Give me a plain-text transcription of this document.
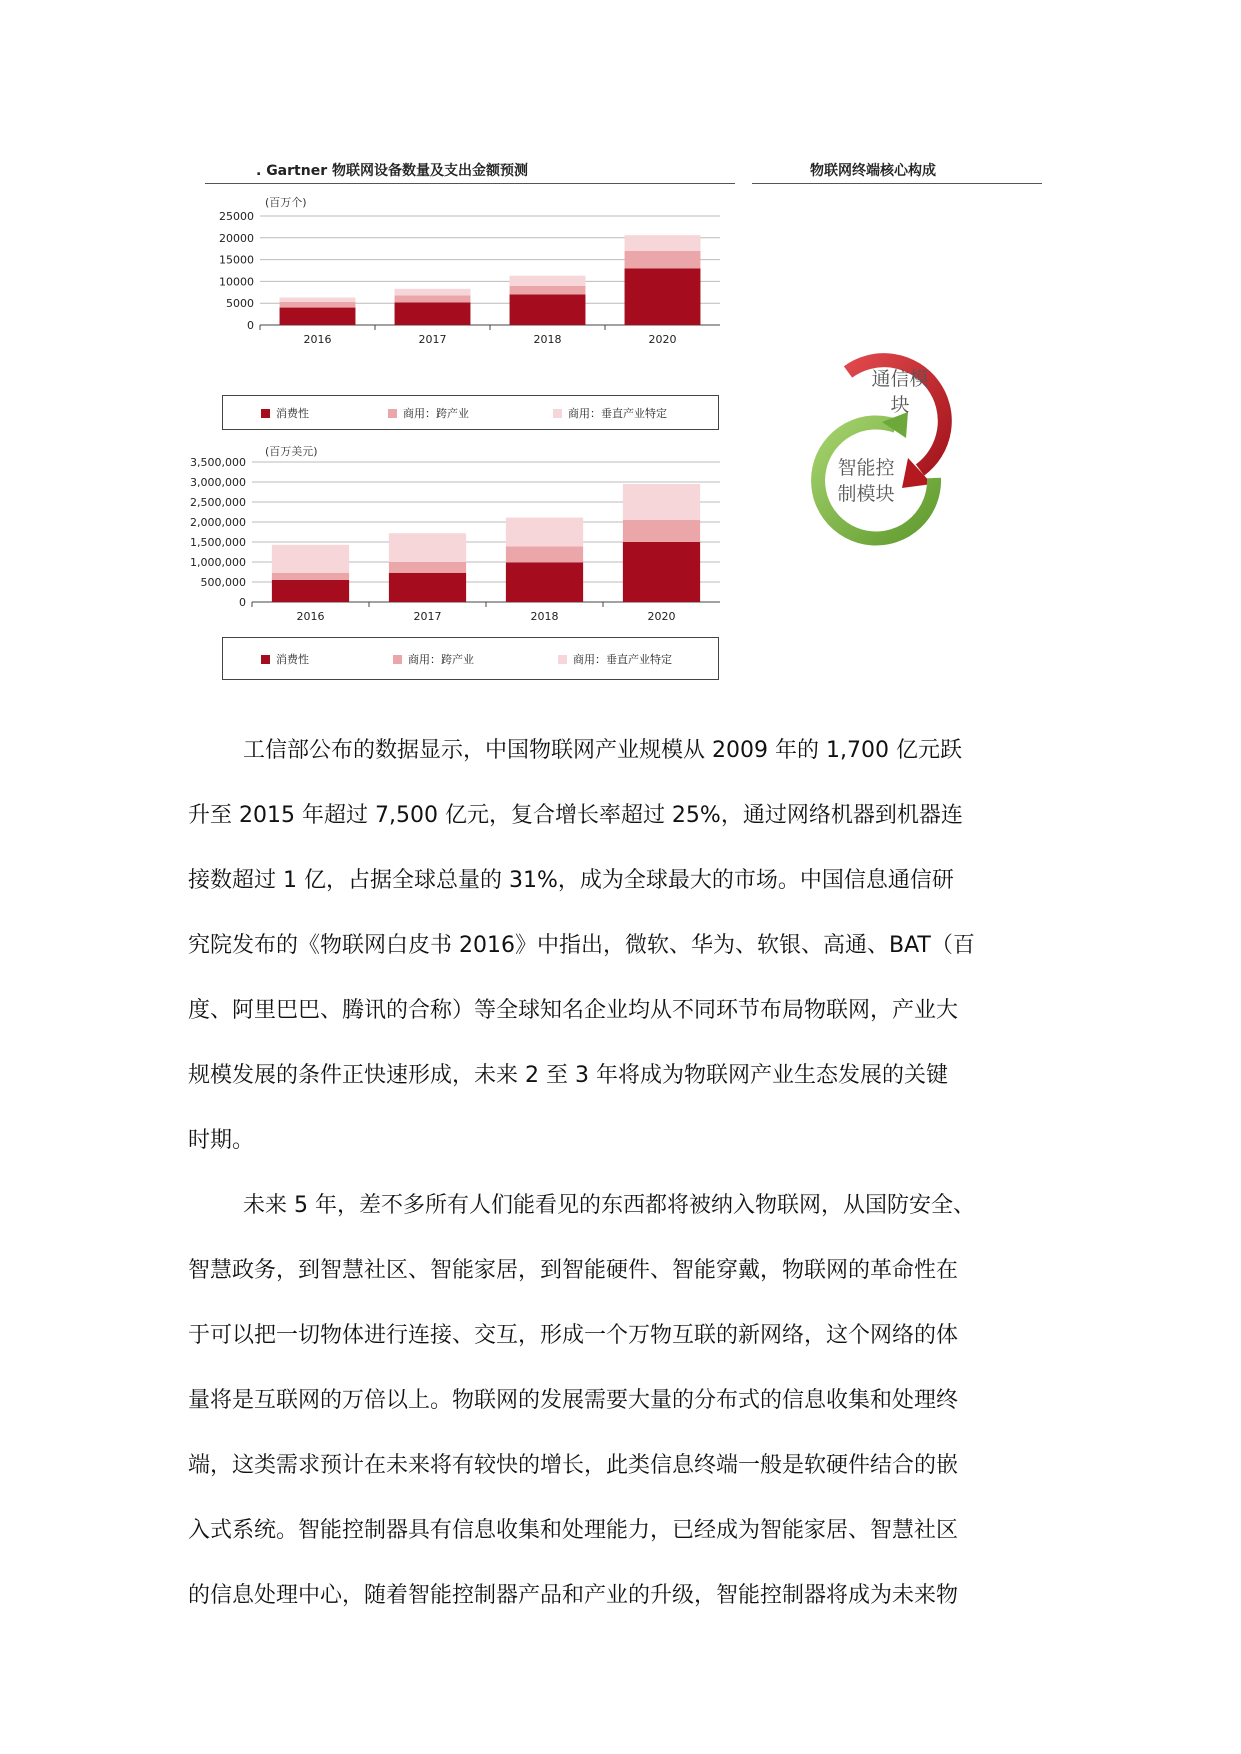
. Gartner 物联网设备数量及支出金额预测	物联网终端核心构成
(百万个)
25000
20000
15000
10000
5000
0
2016	2017	2018	2020
消费性	商用：跨产业	商用：垂直产业特定
(百万美元)
3,500,000
3,000,000
2,500,000
2,000,000
1,500,000
1,000,000
500,000
0
2016	2017	2018	2020
消费性	商用：跨产业	商用：垂直产业特定
通信模块
智能控制模块
工信部公布的数据显示，中国物联网产业规模从 2009 年的 1,700 亿元跃
升至 2015 年超过 7,500 亿元，复合增长率超过 25%，通过网络机器到机器连
接数超过 1 亿，占据全球总量的 31%，成为全球最大的市场。中国信息通信研
究院发布的《物联网白皮书 2016》中指出，微软、华为、软银、高通、BAT（百
度、阿里巴巴、腾讯的合称）等全球知名企业均从不同环节布局物联网，产业大
规模发展的条件正快速形成，未来 2 至 3 年将成为物联网产业生态发展的关键
时期。
未来 5 年，差不多所有人们能看见的东西都将被纳入物联网，从国防安全、
智慧政务，到智慧社区、智能家居，到智能硬件、智能穿戴，物联网的革命性在
于可以把一切物体进行连接、交互，形成一个万物互联的新网络，这个网络的体
量将是互联网的万倍以上。物联网的发展需要大量的分布式的信息收集和处理终
端，这类需求预计在未来将有较快的增长，此类信息终端一般是软硬件结合的嵌
入式系统。智能控制器具有信息收集和处理能力，已经成为智能家居、智慧社区
的信息处理中心，随着智能控制器产品和产业的升级，智能控制器将成为未来物
